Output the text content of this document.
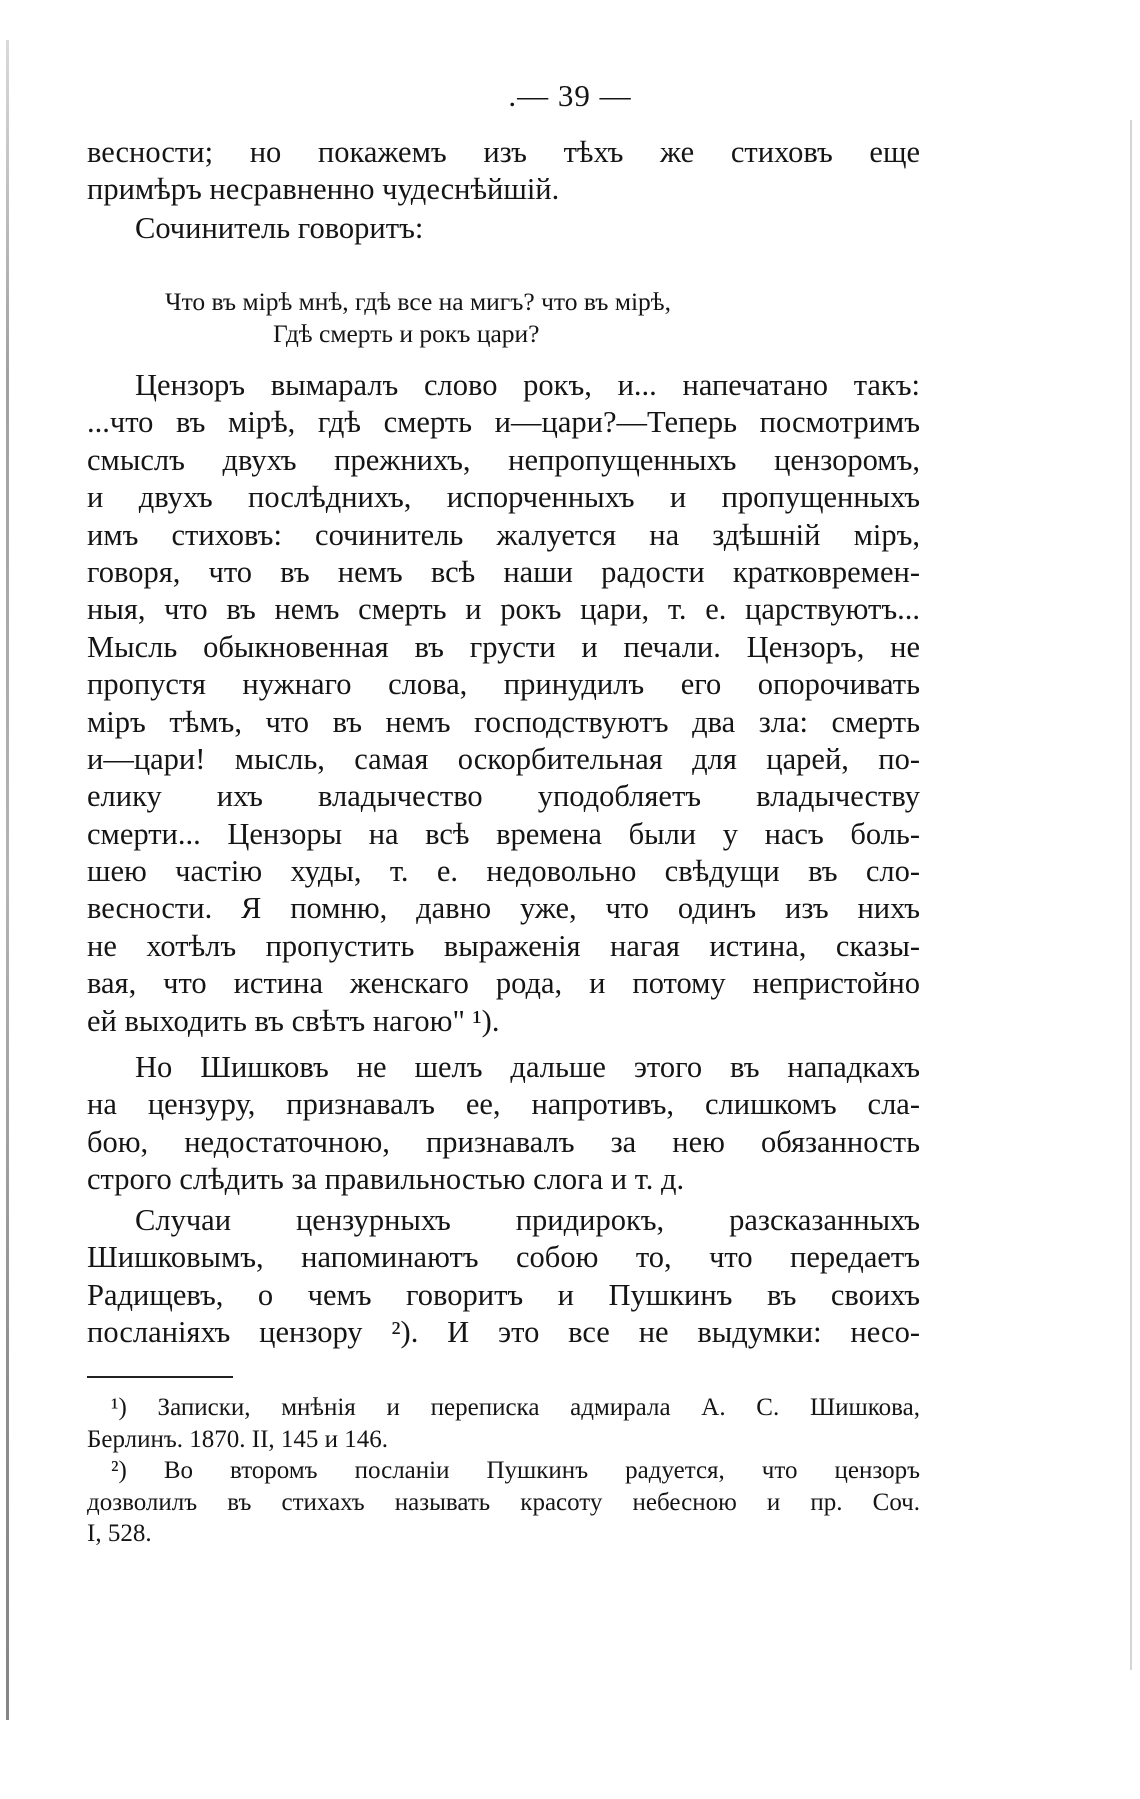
.— 39 —
весности; но покажемъ изъ тѣхъ же стиховъ еще
примѣръ несравненно чудеснѣйшій.
Сочинитель говоритъ:
Что въ мірѣ мнѣ, гдѣ все на мигъ? что въ мірѣ,
Гдѣ смерть и рокъ цари?
Цензоръ вымаралъ слово рокъ, и... напечатано такъ:
...что въ мірѣ, гдѣ смерть и—цари?—Теперь посмотримъ
смыслъ двухъ прежнихъ, непропущенныхъ цензоромъ,
и двухъ послѣднихъ, испорченныхъ и пропущенныхъ
имъ стиховъ: сочинитель жалуется на здѣшній міръ,
говоря, что въ немъ всѣ наши радости кратковремен-
ныя, что въ немъ смерть и рокъ цари, т. е. царствуютъ...
Мысль обыкновенная въ грусти и печали. Цензоръ, не
пропустя нужнаго слова, принудилъ его опорочивать
міръ тѣмъ, что въ немъ господствуютъ два зла: смерть
и—цари! мысль, самая оскорбительная для царей, по-
елику ихъ владычество уподобляетъ владычеству
смерти... Цензоры на всѣ времена были у насъ боль-
шею частію худы, т. е. недовольно свѣдущи въ сло-
весности. Я помню, давно уже, что одинъ изъ нихъ
не хотѣлъ пропустить выраженія нагая истина, сказы-
вая, что истина женскаго рода, и потому непристойно
ей выходить въ свѣтъ нагою" ¹).
Но Шишковъ не шелъ дальше этого въ нападкахъ
на цензуру, признавалъ ее, напротивъ, слишкомъ сла-
бою, недостаточною, признавалъ за нею обязанность
строго слѣдить за правильностью слога и т. д.
Случаи цензурныхъ придирокъ, разсказанныхъ
Шишковымъ, напоминаютъ собою то, что передаетъ
Радищевъ, о чемъ говоритъ и Пушкинъ въ своихъ
посланіяхъ цензору ²). И это все не выдумки: несо-
¹) Записки, мнѣнія и переписка адмирала А. С. Шишкова,
Берлинъ. 1870. II, 145 и 146.
²) Во второмъ посланіи Пушкинъ радуется, что цензоръ
дозволилъ въ стихахъ называть красоту небесною и пр. Соч.
I, 528.
